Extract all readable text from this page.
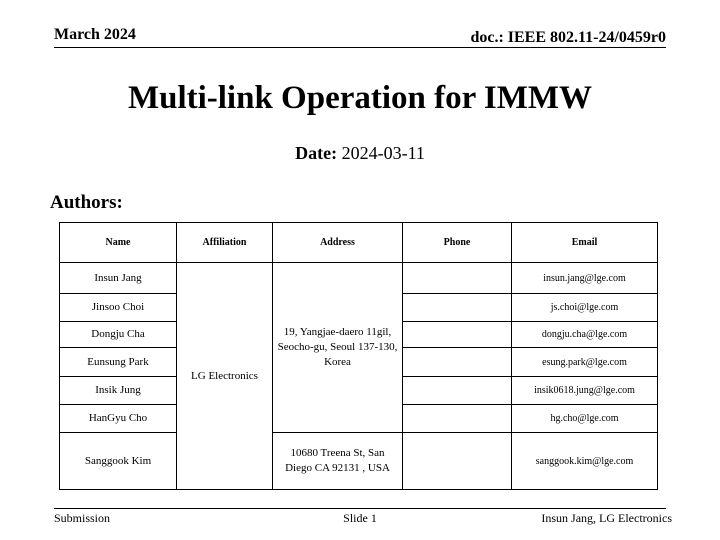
March 2024	doc.: IEEE 802.11-24/0459r0
Multi-link Operation for IMMW
Date: 2024-03-11
Authors:
Name	Affiliation	Address	Phone	Email
Insun Jang	LG Electronics	19, Yangjae-daero 11gil, Seocho-gu, Seoul 137-130, Korea		insun.jang@lge.com
Jinsoo Choi				js.choi@lge.com
Dongju Cha				dongju.cha@lge.com
Eunsung Park				esung.park@lge.com
Insik Jung				insik0618.jung@lge.com
HanGyu Cho				hg.cho@lge.com
Sanggook Kim		10680 Treena St, San Diego CA 92131 , USA		sanggook.kim@lge.com
Submission	Slide 1	Insun Jang, LG Electronics
